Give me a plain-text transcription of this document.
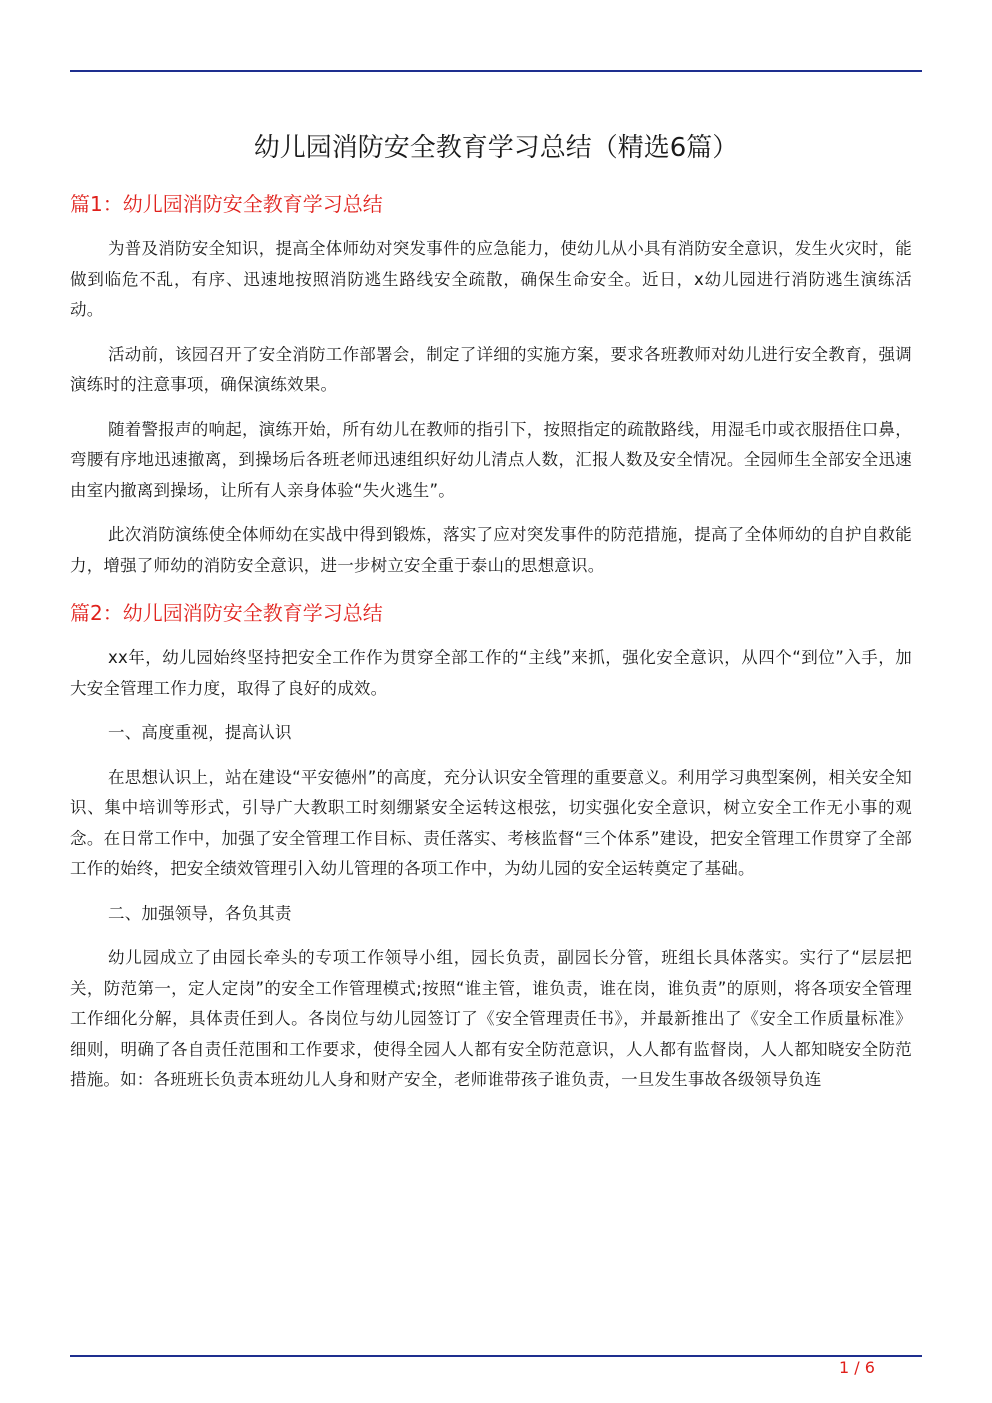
幼儿园消防安全教育学习总结（精选6篇）
篇1：幼儿园消防安全教育学习总结

为普及消防安全知识，提高全体师幼对突发事件的应急能力，使幼儿从小具有消防安全意识，发生火灾时，能做到临危不乱，有序、迅速地按照消防逃生路线安全疏散，确保生命安全。近日，x幼儿园进行消防逃生演练活动。

活动前，该园召开了安全消防工作部署会，制定了详细的实施方案，要求各班教师对幼儿进行安全教育，强调演练时的注意事项，确保演练效果。

随着警报声的响起，演练开始，所有幼儿在教师的指引下，按照指定的疏散路线，用湿毛巾或衣服捂住口鼻，弯腰有序地迅速撤离，到操场后各班老师迅速组织好幼儿清点人数，汇报人数及安全情况。全园师生全部安全迅速由室内撤离到操场，让所有人亲身体验“失火逃生”。

此次消防演练使全体师幼在实战中得到锻炼，落实了应对突发事件的防范措施，提高了全体师幼的自护自救能力，增强了师幼的消防安全意识，进一步树立安全重于泰山的思想意识。

篇2：幼儿园消防安全教育学习总结

xx年，幼儿园始终坚持把安全工作作为贯穿全部工作的“主线”来抓，强化安全意识，从四个“到位”入手，加大安全管理工作力度，取得了良好的成效。

一、高度重视，提高认识

在思想认识上，站在建设“平安德州”的高度，充分认识安全管理的重要意义。利用学习典型案例，相关安全知识、集中培训等形式，引导广大教职工时刻绷紧安全运转这根弦，切实强化安全意识，树立安全工作无小事的观念。在日常工作中，加强了安全管理工作目标、责任落实、考核监督“三个体系”建设，把安全管理工作贯穿了全部工作的始终，把安全绩效管理引入幼儿管理的各项工作中，为幼儿园的安全运转奠定了基础。

二、加强领导，各负其责

幼儿园成立了由园长牵头的专项工作领导小组，园长负责，副园长分管，班组长具体落实。实行了“层层把关，防范第一，定人定岗”的安全工作管理模式;按照“谁主管，谁负责，谁在岗，谁负责”的原则，将各项安全管理工作细化分解，具体责任到人。各岗位与幼儿园签订了《安全管理责任书》，并最新推出了《安全工作质量标准》细则，明确了各自责任范围和工作要求，使得全园人人都有安全防范意识，人人都有监督岗，人人都知晓安全防范措施。如：各班班长负责本班幼儿人身和财产安全，老师谁带孩子谁负责，一旦发生事故各级领导负连

1 / 6
